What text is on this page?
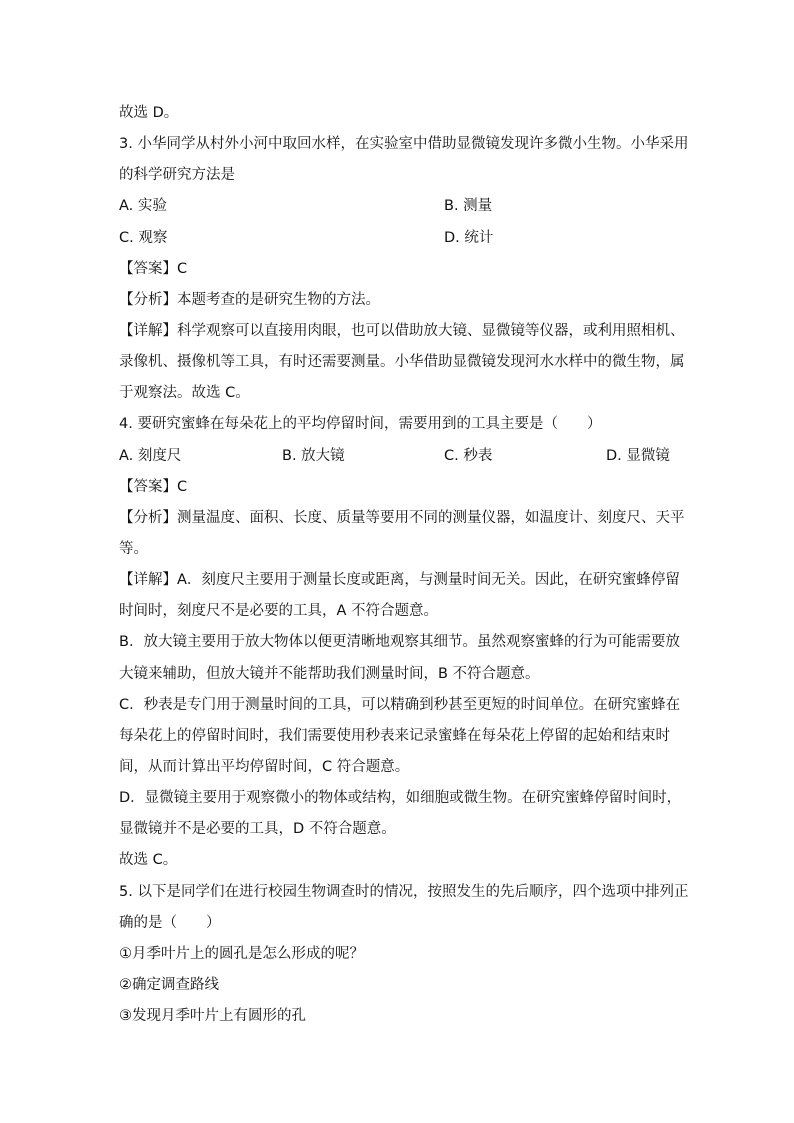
故选 D。
3. 小华同学从村外小河中取回水样，在实验室中借助显微镜发现许多微小生物。小华采用
的科学研究方法是
A. 实验	B. 测量
C. 观察	D. 统计
【答案】C
【分析】本题考查的是研究生物的方法。
【详解】科学观察可以直接用肉眼，也可以借助放大镜、显微镜等仪器，或利用照相机、
录像机、摄像机等工具，有时还需要测量。小华借助显微镜发现河水水样中的微生物，属
于观察法。故选 C。
4. 要研究蜜蜂在每朵花上的平均停留时间，需要用到的工具主要是（　　）
A. 刻度尺	B. 放大镜	C. 秒表	D. 显微镜
【答案】C
【分析】测量温度、面积、长度、质量等要用不同的测量仪器，如温度计、刻度尺、天平
等。
【详解】A．刻度尺主要用于测量长度或距离，与测量时间无关。因此，在研究蜜蜂停留
时间时，刻度尺不是必要的工具，A 不符合题意。
B．放大镜主要用于放大物体以便更清晰地观察其细节。虽然观察蜜蜂的行为可能需要放
大镜来辅助，但放大镜并不能帮助我们测量时间，B 不符合题意。
C．秒表是专门用于测量时间的工具，可以精确到秒甚至更短的时间单位。在研究蜜蜂在
每朵花上的停留时间时，我们需要使用秒表来记录蜜蜂在每朵花上停留的起始和结束时
间，从而计算出平均停留时间，C 符合题意。
D．显微镜主要用于观察微小的物体或结构，如细胞或微生物。在研究蜜蜂停留时间时，
显微镜并不是必要的工具，D 不符合题意。
故选 C。
5. 以下是同学们在进行校园生物调查时的情况，按照发生的先后顺序，四个选项中排列正
确的是（　　）
①月季叶片上的圆孔是怎么形成的呢？
②确定调查路线
③发现月季叶片上有圆形的孔
